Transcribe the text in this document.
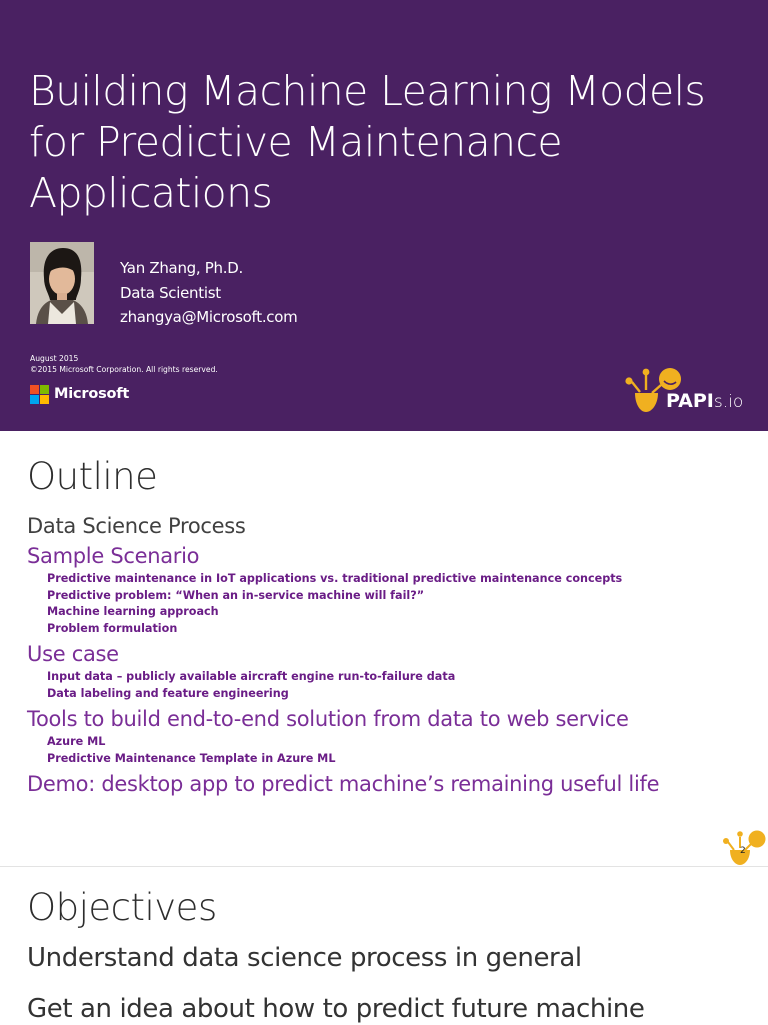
Building Machine Learning Models
for Predictive Maintenance
Applications
Yan Zhang, Ph.D.
Data Scientist
zhangya@Microsoft.com
August 2015
©2015 Microsoft Corporation. All rights reserved.
Microsoft	PAPIs.io
Outline
Data Science Process
Sample Scenario
Predictive maintenance in IoT applications vs. traditional predictive maintenance concepts
Predictive problem: “When an in-service machine will fail?”
Machine learning approach
Problem formulation
Use case
Input data – publicly available aircraft engine run-to-failure data
Data labeling and feature engineering
Tools to build end-to-end solution from data to web service
Azure ML
Predictive Maintenance Template in Azure ML
Demo: desktop app to predict machine’s remaining useful life
2
Objectives
Understand data science process in general
Get an idea about how to predict future machine
